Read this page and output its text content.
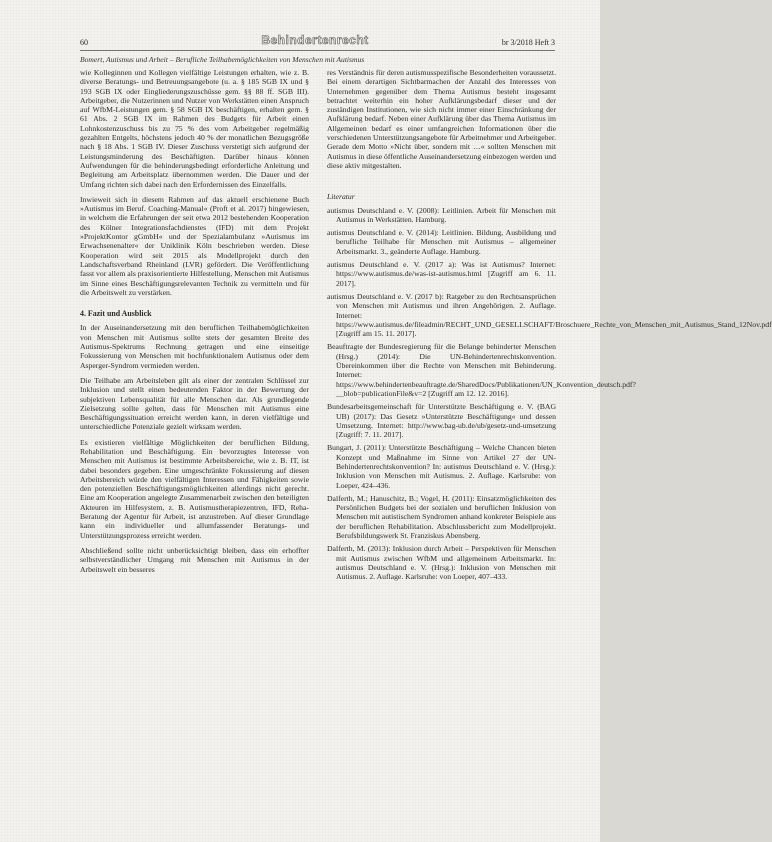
60	Behindertenrecht	br 3/2018 Heft 3
Bomert, Autismus und Arbeit – Berufliche Teilhabemöglichkeiten von Menschen mit Autismus

wie Kolleginnen und Kollegen vielfältige Leistungen erhalten, wie z. B. diverse Beratungs- und Betreuungsangebote (u. a. § 185 SGB IX und § 193 SGB IX oder Eingliederungszuschüsse gem. §§ 88 ff. SGB III). Arbeitgeber, die Nutzerinnen und Nutzer von Werkstätten einen Anspruch auf WfbM-Leistungen gem. § 58 SGB IX beschäftigen, erhalten gem. § 61 Abs. 2 SGB IX im Rahmen des Budgets für Arbeit einen Lohnkostenzuschuss bis zu 75 % des vom Arbeitgeber regelmäßig gezahlten Entgelts, höchstens jedoch 40 % der monatlichen Bezugsgröße nach § 18 Abs. 1 SGB IV. Dieser Zuschuss verstetigt sich aufgrund der Leistungsminderung des Beschäftigten. Darüber hinaus können Aufwendungen für die behinderungsbedingt erforderliche Anleitung und Begleitung am Arbeitsplatz übernommen werden. Die Dauer und der Umfang richten sich dabei nach den Erfordernissen des Einzelfalls.

Inwieweit sich in diesem Rahmen auf das aktuell erschienene Buch »Autismus im Beruf. Coaching-Manual« (Proft et al. 2017) hingewiesen, in welchem die Erfahrungen der seit etwa 2012 bestehenden Kooperation des Kölner Integrationsfachdienstes (IFD) mit dem Projekt »ProjektKontor gGmbH« und der Spezialambulanz »Autismus im Erwachsenenalter« der Uniklinik Köln beschrieben werden. Diese Kooperation wird seit 2015 als Modellprojekt durch den Landschaftsverband Rheinland (LVR) gefördert. Die Veröffentlichung fasst vor allem als praxisorientierte Hilfestellung, Menschen mit Autismus im Sinne eines Beschäftigungsrelevanten Technik zu vermitteln und für die Arbeitswelt zu verstärken.

4. Fazit und Ausblick

In der Auseinandersetzung mit den beruflichen Teilhabemöglichkeiten von Menschen mit Autismus sollte stets der gesamten Breite des Autismus-Spektrums Rechnung getragen und eine einseitige Fokussierung von Menschen mit hochfunktionalem Autismus oder dem Asperger-Syndrom vermieden werden.

Die Teilhabe am Arbeitsleben gilt als einer der zentralen Schlüssel zur Inklusion und stellt einen bedeutenden Faktor in der Bewertung der subjektiven Lebensqualität für alle Menschen dar. Als grundlegende Zielsetzung sollte gelten, dass für Menschen mit Autismus eine Beschäftigungssituation erreicht werden kann, in deren vielfältige und unterschiedliche Potenziale gezielt wirksam werden.

Es existieren vielfältige Möglichkeiten der beruflichen Bildung, Rehabilitation und Beschäftigung. Ein bevorzugtes Interesse von Menschen mit Autismus ist bestimmte Arbeitsbereiche, wie z. B. IT, ist dabei besonders gegeben. Eine umgeschränkte Fokussierung auf diesen Arbeitsbereich würde den vielfältigen Interessen und Fähigkeiten sowie den potenziellen Beschäftigungsmöglichkeiten allerdings nicht gerecht. Eine am Kooperation angelegte Zusammenarbeit zwischen den beteiligten Akteuren im Hilfesystem, z. B. Autismustherapiezentren, IFD, Reha-Beratung der Agentur für Arbeit, ist anzustreben. Auf dieser Grundlage kann ein individueller und allumfassender Beratungs- und Unterstützungsprozess erreicht werden.

Abschließend sollte nicht unberücksichtigt bleiben, dass ein erhoffter selbstverständlicher Umgang mit Menschen mit Autismus in der Arbeitswelt ein besseres

res Verständnis für deren autismusspezifische Besonderheiten voraussetzt. Bei einem derartigen Sichtbarmachen der Anzahl des Interesses von Unternehmen gegenüber dem Thema Autismus besteht insgesamt betrachtet weiterhin ein hoher Aufklärungsbedarf dieser und der zuständigen Institutionen, wie sich nicht immer einer Einschränkung der Aufklärung bedarf. Neben einer Aufklärung über das Thema Autismus im Allgemeinen bedarf es einer umfangreichen Informationen über die verschiedenen Unterstützungsangebote für Arbeitnehmer und Arbeitgeber. Gerade dem Motto »Nicht über, sondern mit …« sollten Menschen mit Autismus in diese öffentliche Auseinandersetzung einbezogen werden und diese aktiv mitgestalten.

Literatur
autismus Deutschland e. V. (2008): Leitlinien. Arbeit für Menschen mit Autismus in Werkstätten. Hamburg.
autismus Deutschland e. V. (2014): Leitlinien. Bildung, Ausbildung und berufliche Teilhabe für Menschen mit Autismus – allgemeiner Arbeitsmarkt. 3., geänderte Auflage. Hamburg.
autismus Deutschland e. V. (2017 a): Was ist Autismus? Internet: https://www.autismus.de/was-ist-autismus.html [Zugriff am 6. 11. 2017].
autismus Deutschland e. V. (2017 b): Ratgeber zu den Rechtsansprüchen von Menschen mit Autismus und ihren Angehörigen. 2. Auflage. Internet: https://www.autismus.de/fileadmin/RECHT_UND_GESELLSCHAFT/Broschuere_Rechte_von_Menschen_mit_Autismus_Stand_12Nov.pdf [Zugriff am 15. 11. 2017].
Beauftragte der Bundesregierung für die Belange behinderter Menschen (Hrsg.) (2014): Die UN-Behindertenrechtskonvention. Übereinkommen über die Rechte von Menschen mit Behinderung. Internet: https://www.behindertenbeauftragte.de/SharedDocs/Publikationen/UN_Konvention_deutsch.pdf?__blob=publicationFile&v=2 [Zugriff am 12. 12. 2016].
Bundesarbeitsgemeinschaft für Unterstützte Beschäftigung e. V. (BAG UB) (2017): Das Gesetz »Unterstützte Beschäftigung« und dessen Umsetzung. Internet: http://www.bag-ub.de/ub/gesetz-und-umsetzung [Zugriff: 7. 11. 2017].
Bungart, J. (2011): Unterstützte Beschäftigung – Welche Chancen bieten Konzept und Maßnahme im Sinne von Artikel 27 der UN-Behindertenrechtskonvention? In: autismus Deutschland e. V. (Hrsg.): Inklusion von Menschen mit Autismus. 2. Auflage. Karlsruhe: von Loeper, 424–436.
Dalferth, M.; Hanuschitz, B.; Vogel, H. (2011): Einsatzmöglichkeiten des Persönlichen Budgets bei der sozialen und beruflichen Inklusion von Menschen mit autistischem Syndromen anhand konkreter Beispiele aus der beruflichen Rehabilitation. Abschlussbericht zum Modellprojekt. Berufsbildungswerk St. Franziskus Abensberg.
Dalferth, M. (2013): Inklusion durch Arbeit – Perspektiven für Menschen mit Autismus zwischen WfbM und allgemeinem Arbeitsmarkt. In: autismus Deutschland e. V. (Hrsg.): Inklusion von Menschen mit Autismus. 2. Auflage. Karlsruhe: von Loeper, 407–433.
